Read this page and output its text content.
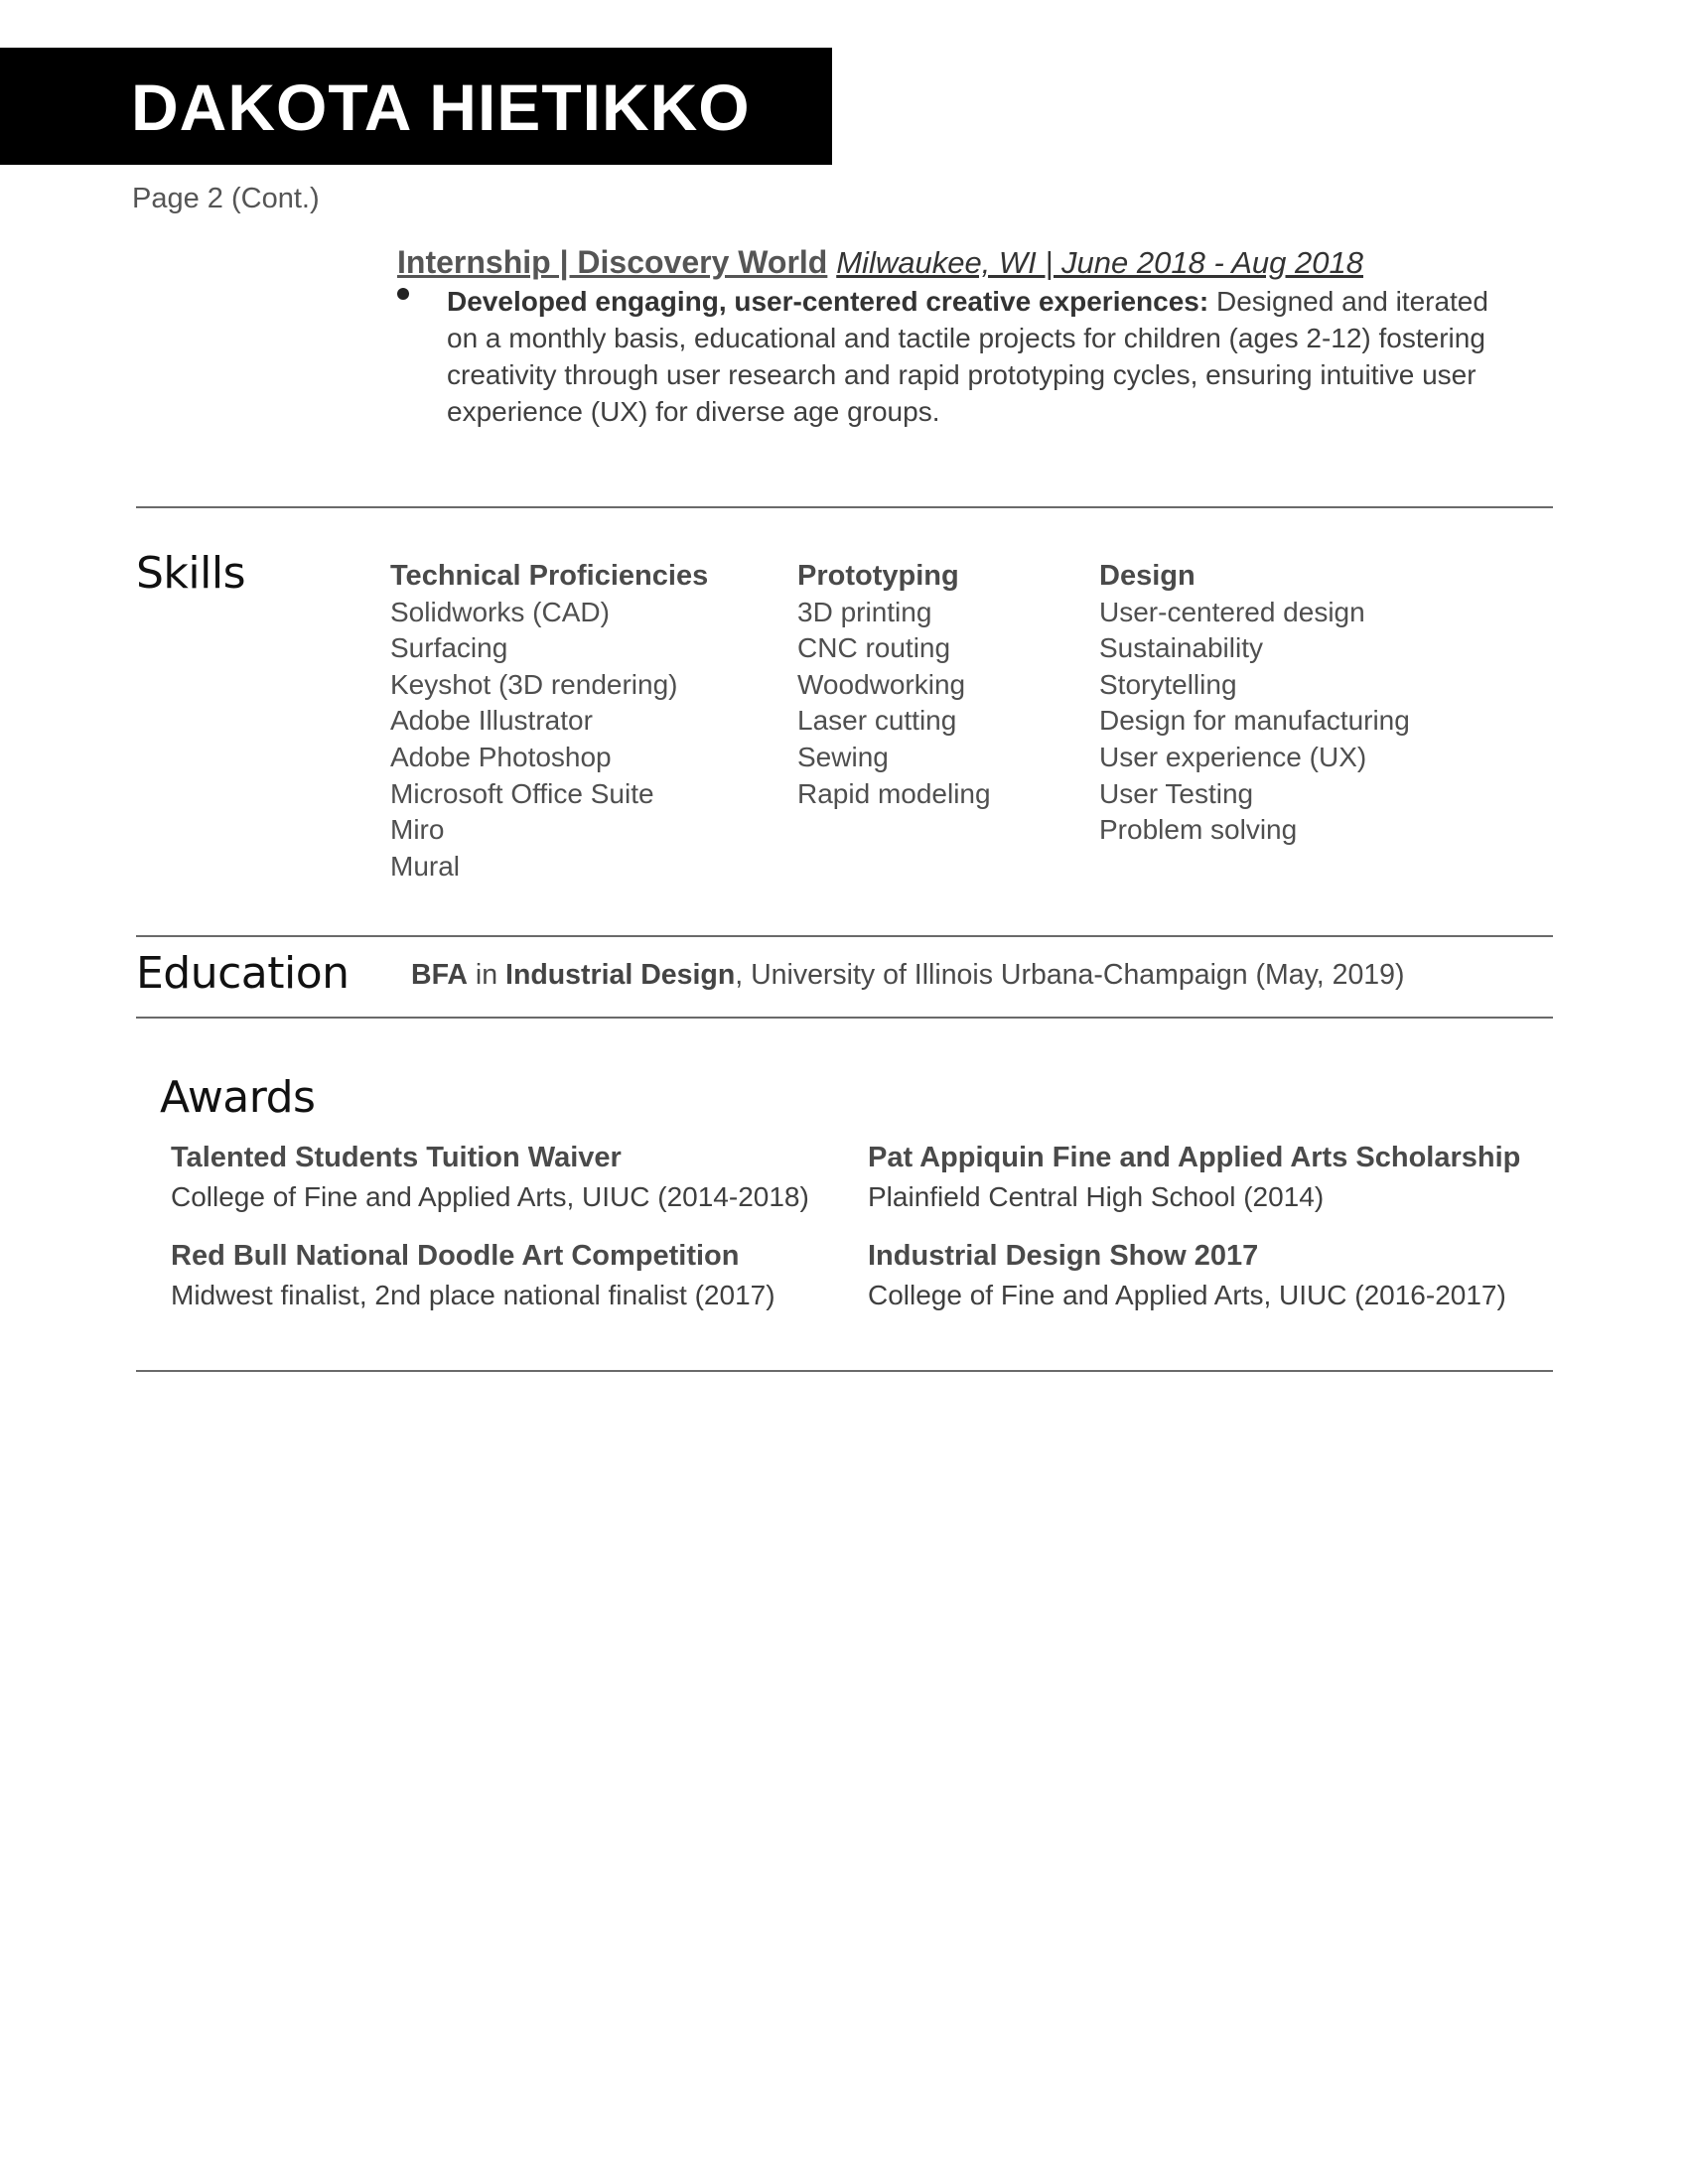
DAKOTA HIETIKKO
Page 2 (Cont.)
Internship | Discovery World Milwaukee, WI | June 2018 - Aug 2018
Developed engaging, user-centered creative experiences: Designed and iterated on a monthly basis, educational and tactile projects for children (ages 2-12) fostering creativity through user research and rapid prototyping cycles, ensuring intuitive user experience (UX) for diverse age groups.
Skills	Technical Proficiencies
Solidworks (CAD)
Surfacing
Keyshot (3D rendering)
Adobe Illustrator
Adobe Photoshop
Microsoft Office Suite
Miro
Mural
Prototyping
3D printing
CNC routing
Woodworking
Laser cutting
Sewing
Rapid modeling
Design
User-centered design
Sustainability
Storytelling
Design for manufacturing
User experience (UX)
User Testing
Problem solving
Education BFA in Industrial Design, University of Illinois Urbana-Champaign (May, 2019)
Awards
Talented Students Tuition Waiver
College of Fine and Applied Arts, UIUC (2014-2018)
Pat Appiquin Fine and Applied Arts Scholarship
Plainfield Central High School (2014)
Red Bull National Doodle Art Competition
Midwest finalist, 2nd place national finalist (2017)
Industrial Design Show 2017
College of Fine and Applied Arts, UIUC (2016-2017)
